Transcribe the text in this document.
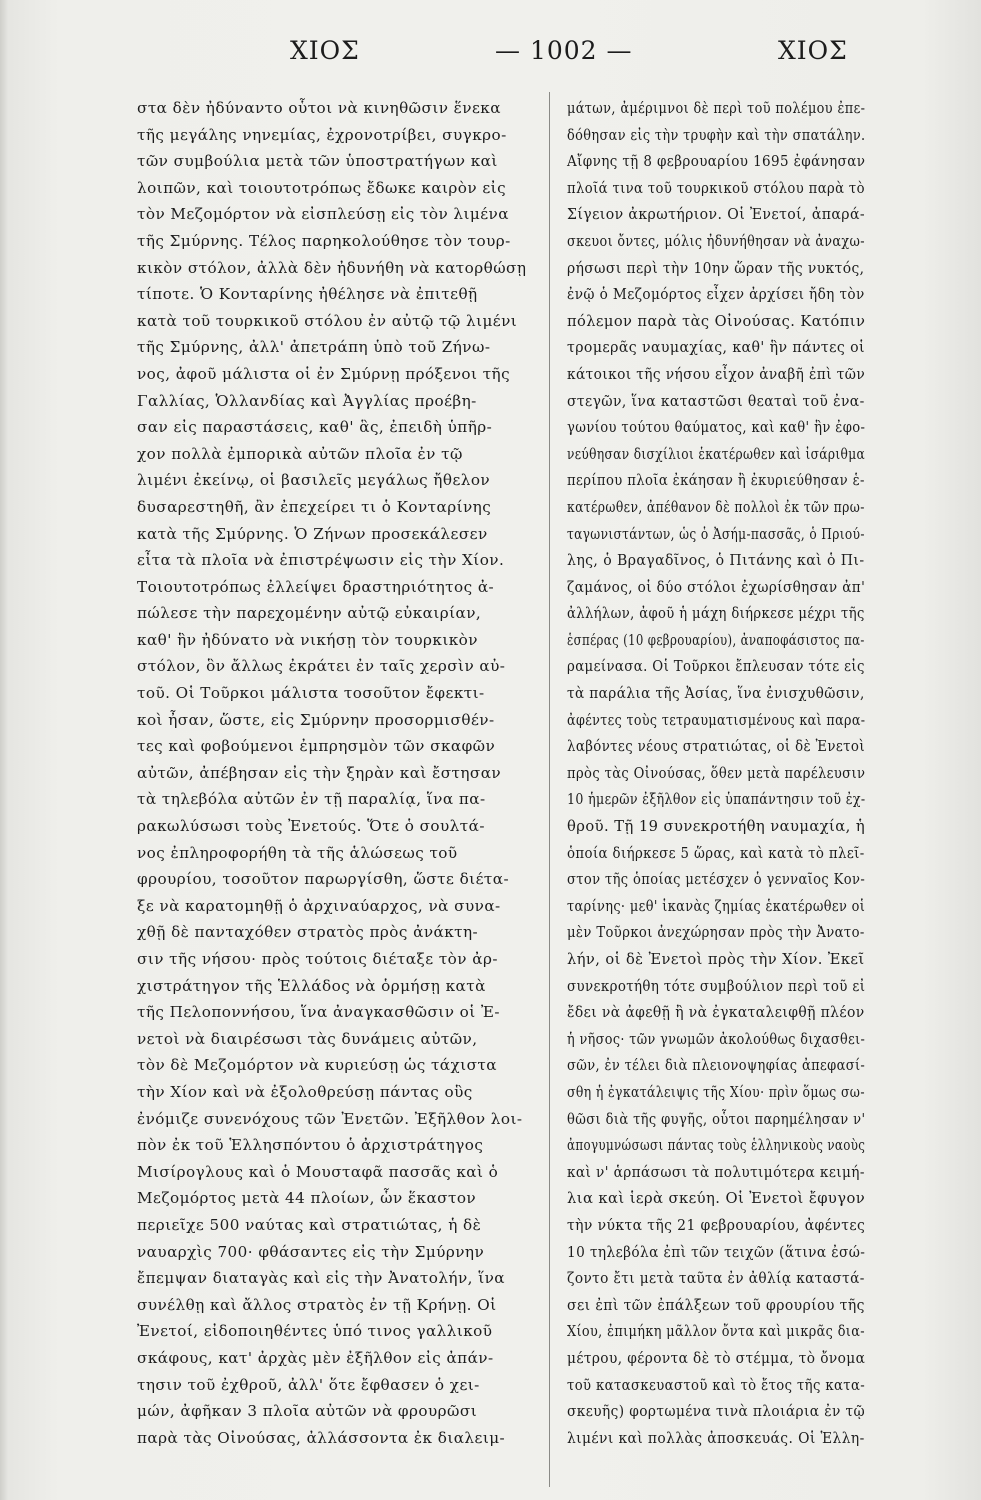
ΧΙΟΣ	— 1002 —	ΧΙΟΣ
στα δὲν ἠδύναντο οὗτοι νὰ κινηθῶσιν ἕνεκα
τῆς μεγάλης νηνεμίας, ἐχρονοτρίβει, συγκρο-
τῶν συμβούλια μετὰ τῶν ὑποστρατήγων καὶ
λοιπῶν, καὶ τοιουτοτρόπως ἔδωκε καιρὸν εἰς
τὸν Μεζομόρτον νὰ εἰσπλεύσῃ εἰς τὸν λιμένα
τῆς Σμύρνης. Τέλος παρηκολούθησε τὸν τουρ-
κικὸν στόλον, ἀλλὰ δὲν ἠδυνήθη νὰ κατορθώσῃ
τίποτε. Ὁ Κονταρίνης ἠθέλησε νὰ ἐπιτεθῇ
κατὰ τοῦ τουρκικοῦ στόλου ἐν αὐτῷ τῷ λιμένι
τῆς Σμύρνης, ἀλλ' ἀπετράπη ὑπὸ τοῦ Ζήνω-
νος, ἀφοῦ μάλιστα οἱ ἐν Σμύρνῃ πρόξενοι τῆς
Γαλλίας, Ὁλλανδίας καὶ Ἀγγλίας προέβη-
σαν εἰς παραστάσεις, καθ' ἃς, ἐπειδὴ ὑπῆρ-
χον πολλὰ ἐμπορικὰ αὐτῶν πλοῖα ἐν τῷ
λιμένι ἐκείνῳ, οἱ βασιλεῖς μεγάλως ἤθελον
δυσαρεστηθῆ, ἂν ἐπεχείρει τι ὁ Κονταρίνης
κατὰ τῆς Σμύρνης. Ὁ Ζήνων προσεκάλεσεν
εἶτα τὰ πλοῖα νὰ ἐπιστρέψωσιν εἰς τὴν Χίον.
Τοιουτοτρόπως ἐλλείψει δραστηριότητος ἀ-
πώλεσε τὴν παρεχομένην αὐτῷ εὐκαιρίαν,
καθ' ἣν ἠδύνατο νὰ νικήσῃ τὸν τουρκικὸν
στόλον, ὃν ἄλλως ἐκράτει ἐν ταῖς χερσὶν αὐ-
τοῦ. Οἱ Τοῦρκοι μάλιστα τοσοῦτον ἔφεκτι-
κοὶ ἦσαν, ὥστε, εἰς Σμύρνην προσορμισθέν-
τες καὶ φοβούμενοι ἐμπρησμὸν τῶν σκαφῶν
αὐτῶν, ἀπέβησαν εἰς τὴν ξηρὰν καὶ ἔστησαν
τὰ τηλεβόλα αὐτῶν ἐν τῇ παραλίᾳ, ἵνα πα-
ρακωλύσωσι τοὺς Ἐνετούς. Ὅτε ὁ σουλτά-
νος ἐπληροφορήθη τὰ τῆς ἁλώσεως τοῦ
φρουρίου, τοσοῦτον παρωργίσθη, ὥστε διέτα-
ξε νὰ καρατομηθῇ ὁ ἀρχιναύαρχος, νὰ συνα-
χθῇ δὲ πανταχόθεν στρατὸς πρὸς ἀνάκτη-
σιν τῆς νήσου· πρὸς τούτοις διέταξε τὸν ἀρ-
χιστράτηγον τῆς Ἑλλάδος νὰ ὁρμήσῃ κατὰ
τῆς Πελοποννήσου, ἵνα ἀναγκασθῶσιν οἱ Ἐ-
νετοὶ νὰ διαιρέσωσι τὰς δυνάμεις αὐτῶν,
τὸν δὲ Μεζομόρτον νὰ κυριεύσῃ ὡς τάχιστα
τὴν Χίον καὶ νὰ ἐξολοθρεύσῃ πάντας οὓς
ἐνόμιζε συνενόχους τῶν Ἐνετῶν. Ἐξῆλθον λοι-
πὸν ἐκ τοῦ Ἑλλησπόντου ὁ ἀρχιστράτηγος
Μισίρογλους καὶ ὁ Μουσταφᾶ πασσᾶς καὶ ὁ
Μεζομόρτος μετὰ 44 πλοίων, ὧν ἕκαστον
περιεῖχε 500 ναύτας καὶ στρατιώτας, ἡ δὲ
ναυαρχὶς 700· φθάσαντες εἰς τὴν Σμύρνην
ἔπεμψαν διαταγὰς καὶ εἰς τὴν Ἀνατολήν, ἵνα
συνέλθῃ καὶ ἄλλος στρατὸς ἐν τῇ Κρήνῃ. Οἱ
Ἐνετοί, εἰδοποιηθέντες ὑπό τινος γαλλικοῦ
σκάφους, κατ' ἀρχὰς μὲν ἐξῆλθον εἰς ἀπάν-
τησιν τοῦ ἐχθροῦ, ἀλλ' ὅτε ἔφθασεν ὁ χει-
μών, ἀφῆκαν 3 πλοῖα αὐτῶν νὰ φρουρῶσι
παρὰ τὰς Οἰνούσας, ἀλλάσσοντα ἐκ διαλειμ-
μάτων, ἀμέριμνοι δὲ περὶ τοῦ πολέμου ἐπε-
δόθησαν εἰς τὴν τρυφὴν καὶ τὴν σπατάλην.
Αἴφνης τῇ 8 φεβρουαρίου 1695 ἐφάνησαν
πλοῖά τινα τοῦ τουρκικοῦ στόλου παρὰ τὸ
Σίγειον ἀκρωτήριον. Οἱ Ἐνετοί, ἀπαρά-
σκευοι ὄντες, μόλις ἠδυνήθησαν νὰ ἀναχω-
ρήσωσι περὶ τὴν 10ην ὥραν τῆς νυκτός,
ἐνῷ ὁ Μεζομόρτος εἶχεν ἀρχίσει ἤδη τὸν
πόλεμον παρὰ τὰς Οἰνούσας. Κατόπιν
τρομερᾶς ναυμαχίας, καθ' ἣν πάντες οἱ
κάτοικοι τῆς νήσου εἶχον ἀναβῆ ἐπὶ τῶν
στεγῶν, ἵνα καταστῶσι θεαταὶ τοῦ ἐνα-
γωνίου τούτου θαύματος, καὶ καθ' ἣν ἐφο-
νεύθησαν δισχίλιοι ἑκατέρωθεν καὶ ἰσάριθμα
περίπου πλοῖα ἐκάησαν ἢ ἐκυριεύθησαν ἑ-
κατέρωθεν, ἀπέθανον δὲ πολλοὶ ἐκ τῶν πρω-
ταγωνιστάντων, ὡς ὁ Ἀσήμ-πασσᾶς, ὁ Πριού-
λης, ὁ Βραγαδῖνος, ὁ Πιτάνης καὶ ὁ Πι-
ζαμάνος, οἱ δύο στόλοι ἐχωρίσθησαν ἀπ'
ἀλλήλων, ἀφοῦ ἡ μάχη διήρκεσε μέχρι τῆς
ἑσπέρας (10 φεβρουαρίου), ἀναποφάσιστος πα-
ραμείνασα. Οἱ Τοῦρκοι ἔπλευσαν τότε εἰς
τὰ παράλια τῆς Ἀσίας, ἵνα ἐνισχυθῶσιν,
ἀφέντες τοὺς τετραυματισμένους καὶ παρα-
λαβόντες νέους στρατιώτας, οἱ δὲ Ἐνετοὶ
πρὸς τὰς Οἰνούσας, ὅθεν μετὰ παρέλευσιν
10 ἡμερῶν ἐξῆλθον εἰς ὑπαπάντησιν τοῦ ἐχ-
θροῦ. Τῇ 19 συνεκροτήθη ναυμαχία, ἡ
ὁποία διήρκεσε 5 ὥρας, καὶ κατὰ τὸ πλεῖ-
στον τῆς ὁποίας μετέσχεν ὁ γενναῖος Κον-
ταρίνης· μεθ' ἱκανὰς ζημίας ἑκατέρωθεν οἱ
μὲν Τοῦρκοι ἀνεχώρησαν πρὸς τὴν Ἀνατο-
λήν, οἱ δὲ Ἐνετοὶ πρὸς τὴν Χίον. Ἐκεῖ
συνεκροτήθη τότε συμβούλιον περὶ τοῦ εἰ
ἔδει νὰ ἀφεθῇ ἢ νὰ ἐγκαταλειφθῇ πλέον
ἡ νῆσος· τῶν γνωμῶν ἀκολούθως διχασθει-
σῶν, ἐν τέλει διὰ πλειονοψηφίας ἀπεφασί-
σθη ἡ ἐγκατάλειψις τῆς Χίου· πρὶν ὅμως σω-
θῶσι διὰ τῆς φυγῆς, οὗτοι παρημέλησαν ν'
ἀπογυμνώσωσι πάντας τοὺς ἑλληνικοὺς ναοὺς
καὶ ν' ἁρπάσωσι τὰ πολυτιμότερα κειμή-
λια καὶ ἱερὰ σκεύη. Οἱ Ἐνετοὶ ἔφυγον
τὴν νύκτα τῆς 21 φεβρουαρίου, ἀφέντες
10 τηλεβόλα ἐπὶ τῶν τειχῶν (ἅτινα ἐσώ-
ζοντο ἔτι μετὰ ταῦτα ἐν ἀθλίᾳ καταστά-
σει ἐπὶ τῶν ἐπάλξεων τοῦ φρουρίου τῆς
Χίου, ἐπιμήκη μᾶλλον ὄντα καὶ μικρᾶς δια-
μέτρου, φέροντα δὲ τὸ στέμμα, τὸ ὄνομα
τοῦ κατασκευαστοῦ καὶ τὸ ἔτος τῆς κατα-
σκευῆς) φορτωμένα τινὰ πλοιάρια ἐν τῷ
λιμένι καὶ πολλὰς ἀποσκευάς. Οἱ Ἑλλη-
